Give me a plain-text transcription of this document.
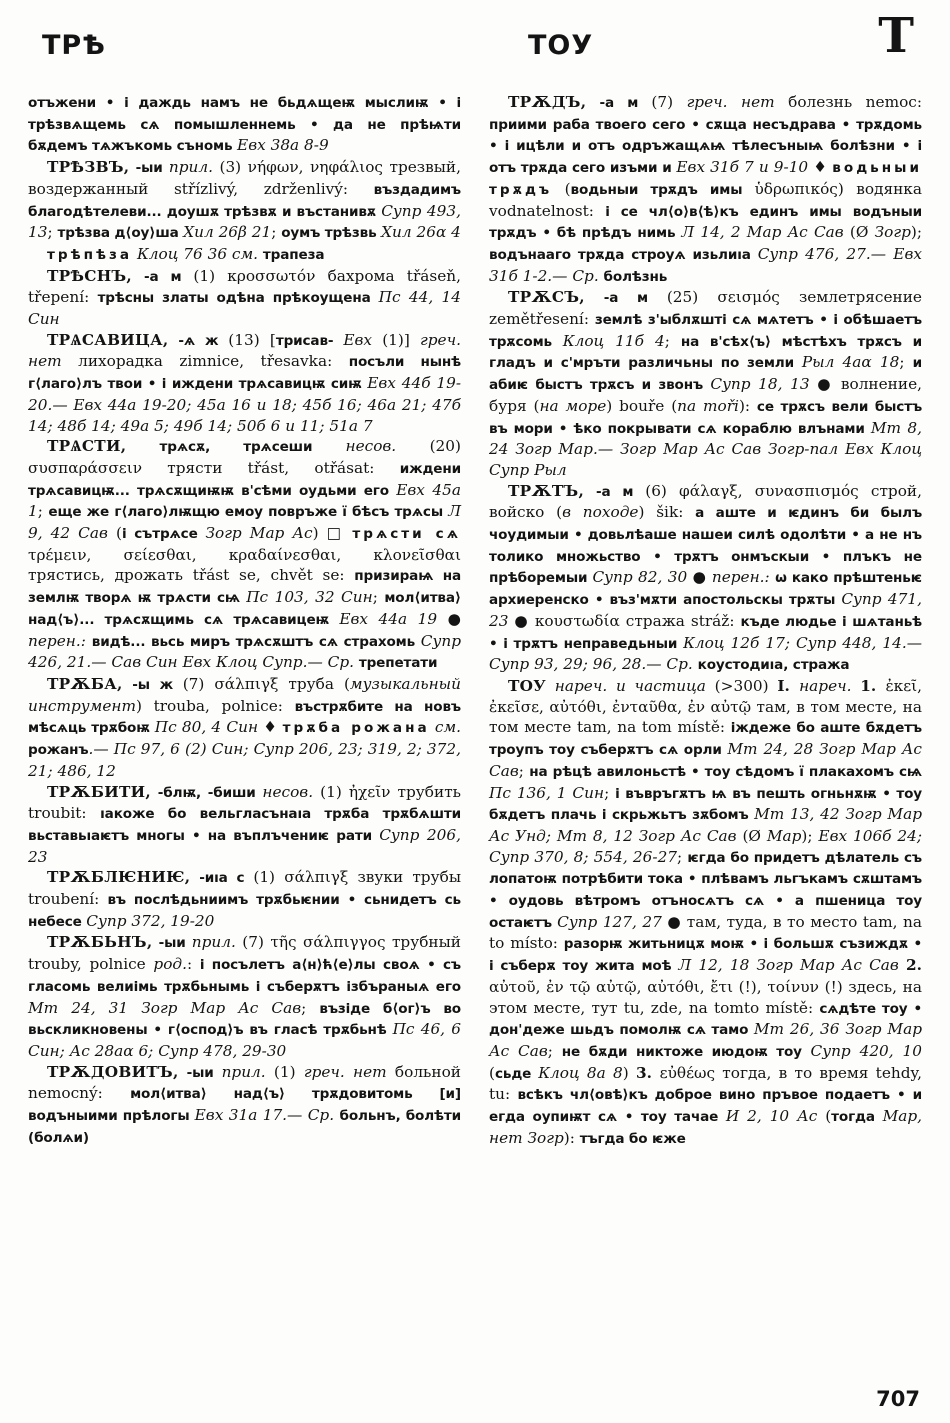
ТРѢ	ТОУ	Т

отъжени • і даждь намъ не бьдѧщеѭ мыслиѭ • і трѣзвѧщемь сѧ помышленнемь • да не прѣѩти бѫдемъ тѧжъкомь съномь Евх 38а 8-9

ТРѢЗВЪ, -ыи прил. (3) νήφων, νηφάλιος трезвый, воздержанный střízlivý, zdrženlivý: въздадимъ благодѣтелеви... доушѫ трѣзвѫ и въстанивѫ Супр 493, 13; трѣзва д⟨оу⟩ша Хил 26β 21; оумъ трѣзвь Хил 26α 4

трѣпѣза Клоц 76 36 см. трапеза

ТРѢСНЪ, -а м (1) κροσσωτόν бахрома třáseň, třepení: трѣсны златы одѣна прѣкоущена Пс 44, 14 Син

ТРѦСАВИЦА, -ѧ ж (13) [трисав- Евх (1)] греч. нет лихорадка zimnice, třesavka: посъли нынѣ г⟨лаго⟩лъ твои • і иждени трѧсавицѭ сиѭ Евх 44б 19-20.— Евх 44а 19-20; 45а 16 и 18; 45б 16; 46а 21; 47б 14; 48б 14; 49а 5; 49б 14; 50б 6 и 11; 51а 7

ТРѦСТИ, трѧсѫ, трѧсеши несов. (20) συσπαράσσειν трясти třást, otřásat: иждени трѧсавицѭ... трѧсѫщиѭѭ в'сѣми оудьми его Евх 45а 1; еще же г⟨лаго⟩лѭщю емоу повръже ї бѣсъ трѧсы Л 9, 42 Сав (і сътрѧсе Зогр Мар Ас) □ трѧсти сѧ τρέμειν, σείεσθαι, κραδαίνεσθαι, κλονεῖσθαι трястись, дрожать třást se, chvět se: призираѩ на землѭ творѧ ѭ трѧсти сѩ Пс 103, 32 Син; мол⟨итва⟩ над⟨ъ⟩... трѧсѫщимь сѧ трѧсавицеѭ Евх 44а 19 ● перен.: видѣ... вьсь миръ трѧсѫштъ сѧ страхомь Супр 426, 21.— Сав Син Евх Клоц Супр.— Ср. трепетати

ТРѪБА, -ы ж (7) σάλπιγξ труба (музыкальный инструмент) trouba, polnice: въстрѫбите на новъ мѣсѧць трѫбоѭ Пс 80, 4 Син ♦ трѫба рожана см. рожанъ.— Пс 97, 6 (2) Син; Супр 206, 23; 319, 2; 372, 21; 486, 12

ТРѪБИТИ, -блѭ, -биши несов. (1) ἠχεῖν трубить troubit: ıакоже бо вельгласънаıа трѫба трѫбѧшти вьставьıаѥтъ многы • на въплъчениѥ рати Супр 206, 23

ТРѪБЛѤНИѤ, -иıа с (1) σάλπιγξ звуки трубы troubení: въ послѣдьниимъ трѫбьѥнии • сьнидетъ сь небесе Супр 372, 19-20

ТРѪБЬНЪ, -ыи прил. (7) τῆς σάλπιγγος трубный trouby, polnice род.: і посълетъ а⟨н⟩ћ⟨е⟩лы своѧ • съ гласомь велиімь трѫбьнымь і съберѫтъ ізбъраныѧ его Мт 24, 31 Зогр Мар Ас Сав; възіде б⟨ог⟩ъ во вьскликновены • г⟨оспод⟩ъ въ гласѣ трѫбьнѣ Пс 46, 6 Син; Ас 28аα 6; Супр 478, 29-30

ТРѪДОВИТЪ, -ыи прил. (1) греч. нет больной nemocný: мол⟨итва⟩ над⟨ъ⟩ трѫдовитомь [и] водъныими прѣлогы Евх 31а 17.— Ср. больнъ, болѣти (болѧи)

ТРѪДЪ, -а м (7) греч. нет болезнь nemoc: приими раба твоего сего • сѫща несъдрава • трѫдомь • і ицѣли и отъ одръжащѧѩ тѣлесъныѩ болѣзни • і отъ трѫда сего изъми и Евх 31б 7 и 9-10 ♦ водьныи трѫдъ (водьныи трѫдъ имы ὑδρωπικός) водянка vodnatelnost: і се чл⟨о⟩в⟨ѣ⟩къ единъ имы водъныи трѫдъ • бѣ прѣдъ нимь Л 14, 2 Мар Ас Сав (Ø Зогр); водънааго трѫда строуѧ изьлиıа Супр 476, 27.— Евх 31б 1-2.— Ср. болѣзнь

ТРѪСЪ, -а м (25) σεισμός землетрясение zemětřesení: землѣ з'ыблѫшті сѧ мѧтетъ • і обѣшаетъ трѫсомь Клоц 11б 4; на в'сѣх⟨ъ⟩ мѣстѣхъ трѫсъ и гладъ и с'мръти различьны по земли Рыл 4аα 18; и абиѥ быстъ трѫсъ и звонъ Супр 18, 13 ● волнение, буря (на море) bouře (na moři): се трѫсъ вели быстъ въ мори • ѣко покрывати сѧ кораблю влънами Мт 8, 24 Зогр Мар.— Зогр Мар Ас Сав Зогр-пал Евх Клоц Супр Рыл

ТРѪТЪ, -а м (6) φάλαγξ, συνασπισμός строй, войско (в походе) šik: а аште и ѥдинъ би былъ чоудимыи • довьлѣаше нашеи силѣ одолѣти • а не нъ толико множьство • трѫтъ онмъскыи • плъкъ не прѣборемыи Супр 82, 30 ● перен.: ѡ како прѣштеньѥ архиеренско • въз'мѫти апостольскы трѫты Супр 471, 23 ● κουστωδία стража stráž: къде людье і шѧтаньѣ • і трѫтъ неправедьныи Клоц 12б 17; Супр 448, 14.— Супр 93, 29; 96, 28.— Ср. коустодиıа, стража

ТОУ нареч. и частица (>300) I. нареч. 1. ἐκεῖ, ἐκεῖσε, αὐτόθι, ἐνταῦθα, ἐν αὐτῷ там, в том месте, на том месте tam, na tom místě: іждеже бо аште бѫдетъ троупъ тоу съберѫтъ сѧ орли Мт 24, 28 Зогр Мар Ас Сав; на рѣцѣ авилоньстѣ • тоу сѣдомъ ї плакахомъ сѩ Пс 136, 1 Син; і въвръгѫтъ ѩ въ пешть огньнѫѭ • тоу бѫдетъ плачь і скрьжьтъ зѫбомъ Мт 13, 42 Зогр Мар Ас Унд; Мт 8, 12 Зогр Ас Сав (Ø Мар); Евх 106б 24; Супр 370, 8; 554, 26-27; ѥгда бо придетъ дѣлатель съ лопатоѭ потрѣбити тока • плѣвамъ льгъкамъ сѫштамъ • оудовь вѣтромъ отъносѧтъ сѧ • а пшеница тоу остаѥтъ Супр 127, 27 ● там, туда, в то место tam, na to místo: разорѭ житьницѫ моѭ • і большѫ съзиждѫ • і съберѫ тоу жита моѣ Л 12, 18 Зогр Мар Ас Сав 2. αὐτοῦ, ἐν τῷ αὐτῷ, αὐτόθι, ἔτι (!), τοίνυν (!) здесь, на этом месте, тут tu, zde, na tomto místě: сѧдѣте тоу • дон'деже шьдъ помолѭ сѧ тамо Мт 26, 36 Зогр Мар Ас Сав; не бѫди никтоже июдоѭ тоу Супр 420, 10 (сьде Клоц 8а 8) 3. εὐθέως тогда, в то время tehdy, tu: всѣкъ чл⟨овѣ⟩къ доброе вино пръвое подаетъ • и егда оупиѭт сѧ • тоу тачае И 2, 10 Ас (тогда Мар, нет Зогр): тъгда бо ѥже

707
